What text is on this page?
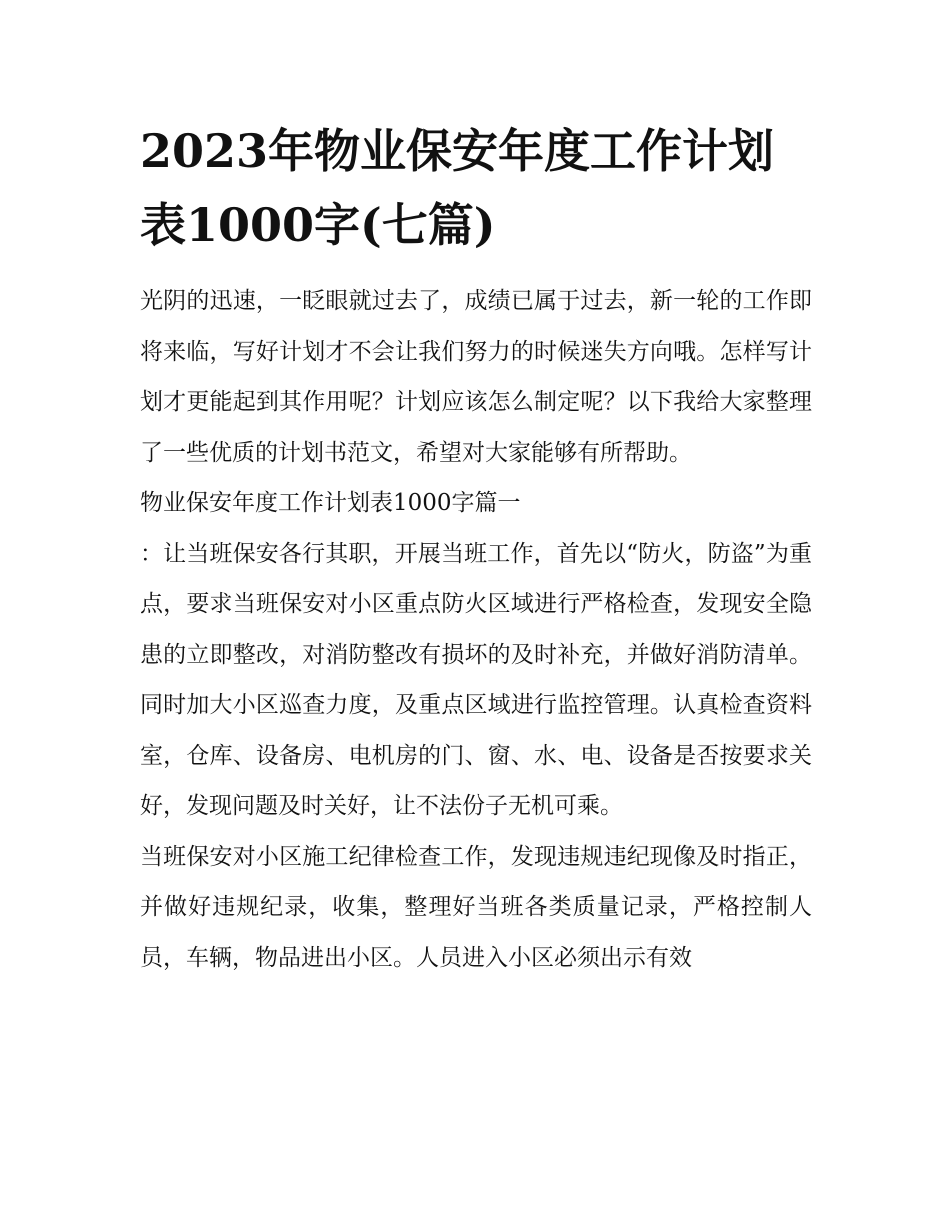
2023年物业保安年度工作计划表1000字(七篇)

光阴的迅速，一眨眼就过去了，成绩已属于过去，新一轮的工作即将来临，写好计划才不会让我们努力的时候迷失方向哦。怎样写计划才更能起到其作用呢？计划应该怎么制定呢？以下我给大家整理了一些优质的计划书范文，希望对大家能够有所帮助。

物业保安年度工作计划表1000字篇一

：让当班保安各行其职，开展当班工作，首先以“防火，防盗”为重点，要求当班保安对小区重点防火区域进行严格检查，发现安全隐患的立即整改，对消防整改有损坏的及时补充，并做好消防清单。同时加大小区巡查力度，及重点区域进行监控管理。认真检查资料室，仓库、设备房、电机房的门、窗、水、电、设备是否按要求关好，发现问题及时关好，让不法份子无机可乘。

当班保安对小区施工纪律检查工作，发现违规违纪现像及时指正，并做好违规纪录，收集，整理好当班各类质量记录，严格控制人员，车辆，物品进出小区。人员进入小区必须出示有效
